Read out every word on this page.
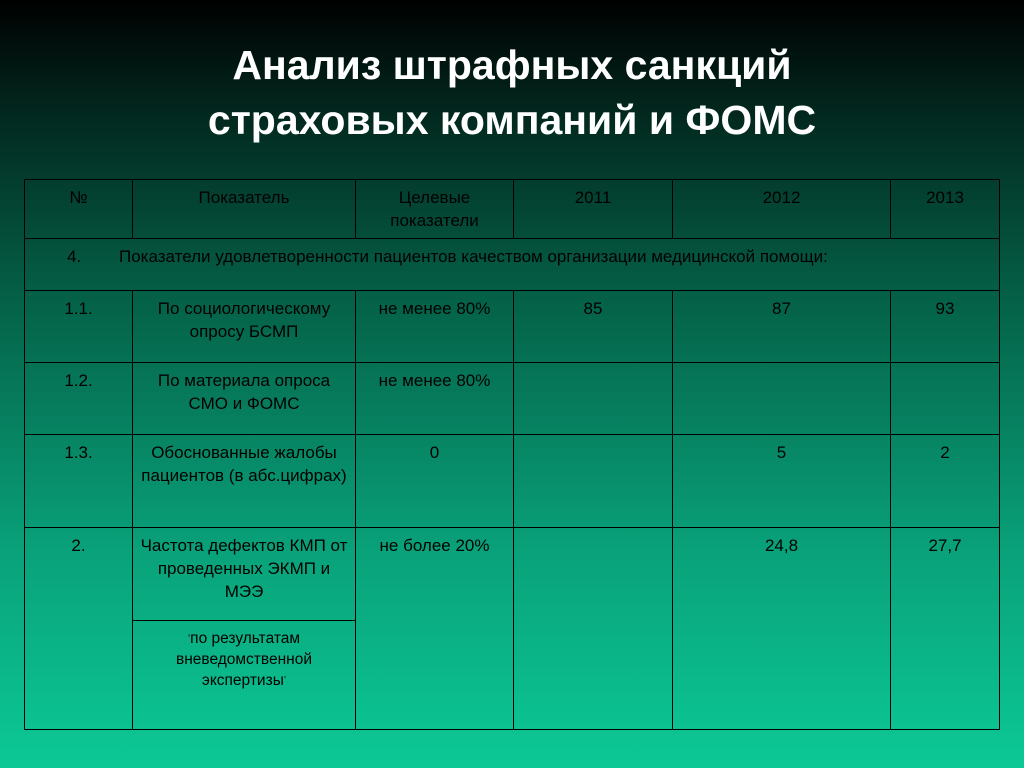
Анализ штрафных санкций
страховых компаний и ФОМС
№	Показатель	Целевые показатели	2011	2012	2013
4. Показатели удовлетворенности пациентов качеством организации медицинской помощи:					
1.1.	По социологическому опросу БСМП	не менее 80%	85	87	93
1.2.	По материала опроса СМО и ФОМС	не менее 80%			
1.3.	Обоснованные жалобы пациентов (в абс.цифрах)	0		5	2
2.	Частота дефектов КМП от проведенных ЭКМП и МЭЭ	не более 20%		24,8	27,7
	‘по результатам вневедомственной экспертизы’
